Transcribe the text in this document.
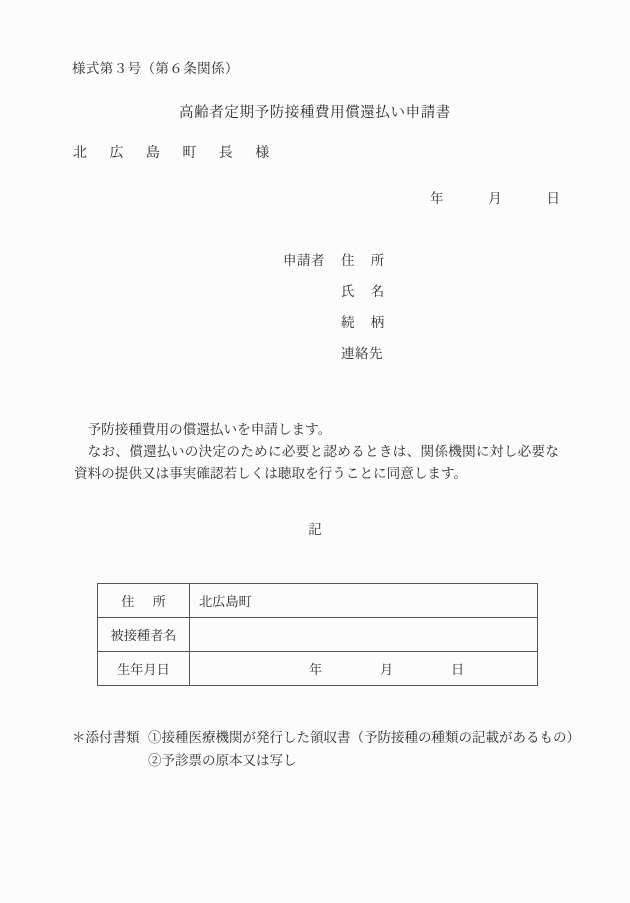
様式第３号（第６条関係）
高齢者定期予防接種費用償還払い申請書
北 広 島 町 長 様
年	月	日
申請者	住 所
氏 名
続 柄
連絡先

予防接種費用の償還払いを申請します。

なお、償還払いの決定のために必要と認めるときは、関係機関に対し必要な資料の提供又は事実確認若しくは聴取を行うことに同意します。

記
住 所	北広島町
被接種者名	
生年月日	年 月 日
＊添付書類 ①接種医療機関が発行した領収書（予防接種の種類の記載があるもの）
②予診票の原本又は写し
